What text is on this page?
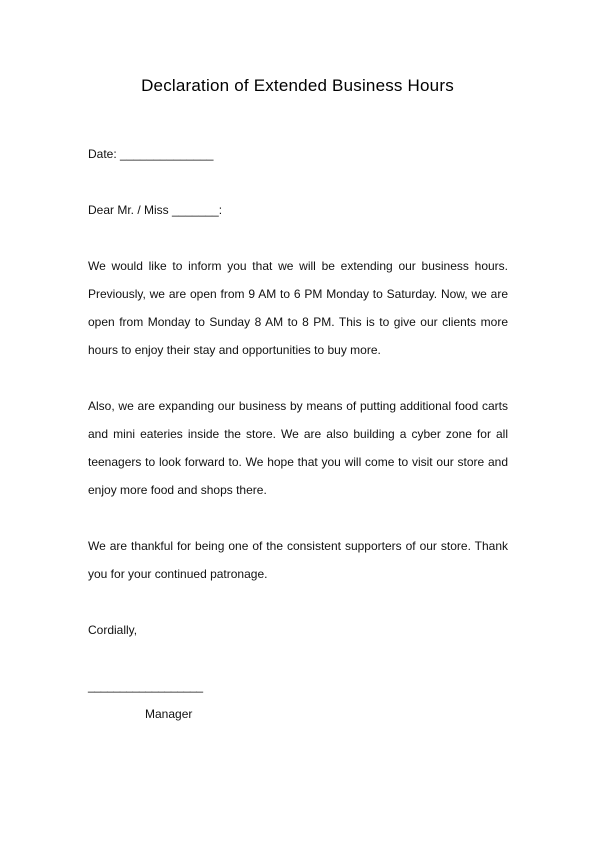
Declaration of Extended Business Hours

Date: ______________

Dear Mr. / Miss _______:

We would like to inform you that we will be extending our business hours. Previously, we are open from 9 AM to 6 PM Monday to Saturday. Now, we are open from Monday to Sunday 8 AM to 8 PM. This is to give our clients more hours to enjoy their stay and opportunities to buy more.

Also, we are expanding our business by means of putting additional food carts and mini eateries inside the store. We are also building a cyber zone for all teenagers to look forward to. We hope that you will come to visit our store and enjoy more food and shops there.

We are thankful for being one of the consistent supporters of our store. Thank you for your continued patronage.

Cordially,

__________________

Manager
